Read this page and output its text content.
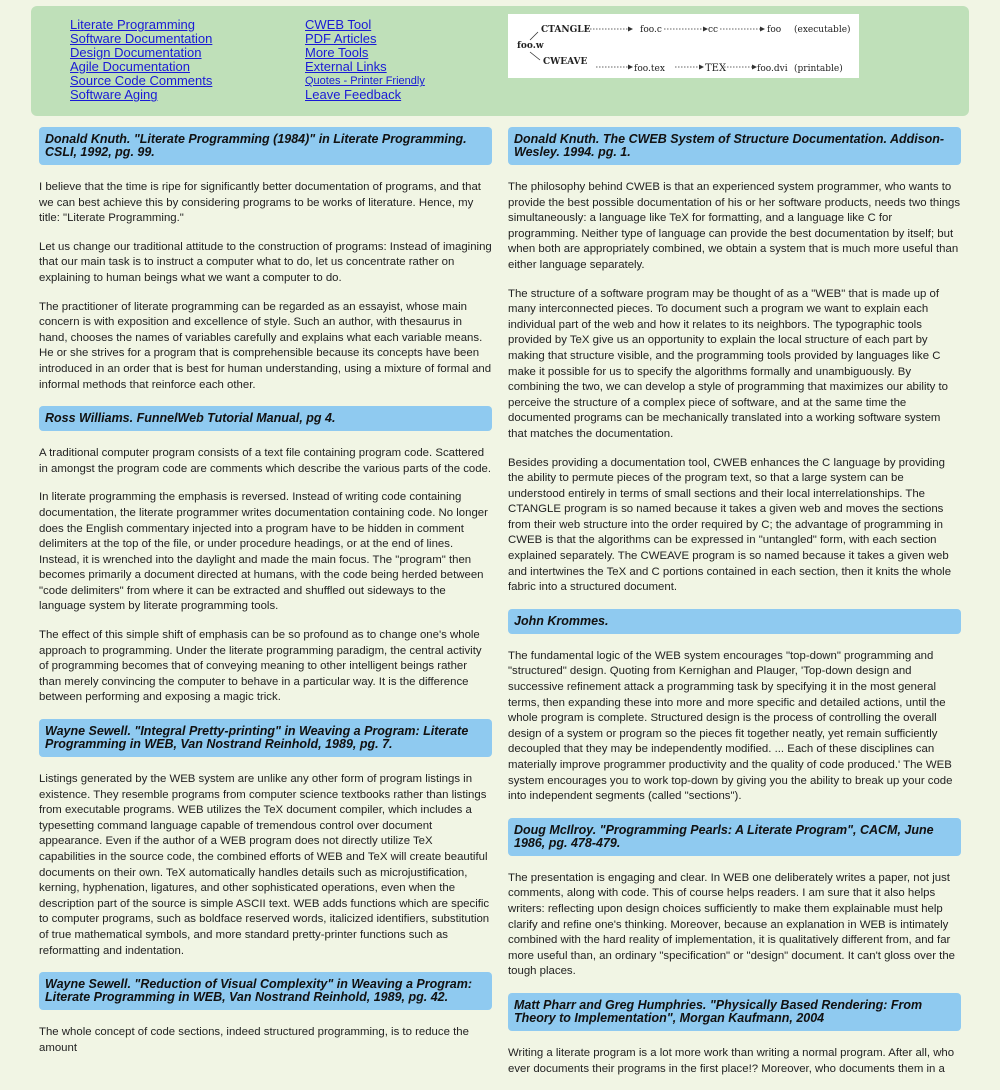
Literate Programming
Software Documentation
Design Documentation
Agile Documentation
Source Code Comments
Software Aging
CWEB Tool
PDF Articles
More Tools
External Links
Quotes - Printer Friendly
Leave Feedback
CTANGLE
foo.w
CWEAVE
foo.c	cc	foo (executable)
foo.tex	TEX	foo.dvi (printable)
Donald Knuth. "Literate Programming (1984)" in Literate Programming. CSLI, 1992, pg. 99.

I believe that the time is ripe for significantly better documentation of programs, and that we can best achieve this by considering programs to be works of literature. Hence, my title: "Literate Programming."

Let us change our traditional attitude to the construction of programs: Instead of imagining that our main task is to instruct a computer what to do, let us concentrate rather on explaining to human beings what we want a computer to do.

The practitioner of literate programming can be regarded as an essayist, whose main concern is with exposition and excellence of style. Such an author, with thesaurus in hand, chooses the names of variables carefully and explains what each variable means. He or she strives for a program that is comprehensible because its concepts have been introduced in an order that is best for human understanding, using a mixture of formal and informal methods that reinforce each other.

Ross Williams. FunnelWeb Tutorial Manual, pg 4.

A traditional computer program consists of a text file containing program code. Scattered in amongst the program code are comments which describe the various parts of the code.

In literate programming the emphasis is reversed. Instead of writing code containing documentation, the literate programmer writes documentation containing code. No longer does the English commentary injected into a program have to be hidden in comment delimiters at the top of the file, or under procedure headings, or at the end of lines. Instead, it is wrenched into the daylight and made the main focus. The "program" then becomes primarily a document directed at humans, with the code being herded between "code delimiters" from where it can be extracted and shuffled out sideways to the language system by literate programming tools.

The effect of this simple shift of emphasis can be so profound as to change one's whole approach to programming. Under the literate programming paradigm, the central activity of programming becomes that of conveying meaning to other intelligent beings rather than merely convincing the computer to behave in a particular way. It is the difference between performing and exposing a magic trick.

Wayne Sewell. "Integral Pretty-printing" in Weaving a Program: Literate Programming in WEB, Van Nostrand Reinhold, 1989, pg. 7.

Listings generated by the WEB system are unlike any other form of program listings in existence. They resemble programs from computer science textbooks rather than listings from executable programs. WEB utilizes the TeX document compiler, which includes a typesetting command language capable of tremendous control over document appearance. Even if the author of a WEB program does not directly utilize TeX capabilities in the source code, the combined efforts of WEB and TeX will create beautiful documents on their own. TeX automatically handles details such as microjustification, kerning, hyphenation, ligatures, and other sophisticated operations, even when the description part of the source is simple ASCII text. WEB adds functions which are specific to computer programs, such as boldface reserved words, italicized identifiers, substitution of true mathematical symbols, and more standard pretty-printer functions such as reformatting and indentation.

Wayne Sewell. "Reduction of Visual Complexity" in Weaving a Program: Literate Programming in WEB, Van Nostrand Reinhold, 1989, pg. 42.

The whole concept of code sections, indeed structured programming, is to reduce the amount

Donald Knuth. The CWEB System of Structure Documentation. Addison-Wesley. 1994. pg. 1.

The philosophy behind CWEB is that an experienced system programmer, who wants to provide the best possible documentation of his or her software products, needs two things simultaneously: a language like TeX for formatting, and a language like C for programming. Neither type of language can provide the best documentation by itself; but when both are appropriately combined, we obtain a system that is much more useful than either language separately.

The structure of a software program may be thought of as a "WEB" that is made up of many interconnected pieces. To document such a program we want to explain each individual part of the web and how it relates to its neighbors. The typographic tools provided by TeX give us an opportunity to explain the local structure of each part by making that structure visible, and the programming tools provided by languages like C make it possible for us to specify the algorithms formally and unambiguously. By combining the two, we can develop a style of programming that maximizes our ability to perceive the structure of a complex piece of software, and at the same time the documented programs can be mechanically translated into a working software system that matches the documentation.

Besides providing a documentation tool, CWEB enhances the C language by providing the ability to permute pieces of the program text, so that a large system can be understood entirely in terms of small sections and their local interrelationships. The CTANGLE program is so named because it takes a given web and moves the sections from their web structure into the order required by C; the advantage of programming in CWEB is that the algorithms can be expressed in "untangled" form, with each section explained separately. The CWEAVE program is so named because it takes a given web and intertwines the TeX and C portions contained in each section, then it knits the whole fabric into a structured document.

John Krommes.

The fundamental logic of the WEB system encourages "top-down" programming and "structured" design. Quoting from Kernighan and Plauger, 'Top-down design and successive refinement attack a programming task by specifying it in the most general terms, then expanding these into more and more specific and detailed actions, until the whole program is complete. Structured design is the process of controlling the overall design of a system or program so the pieces fit together neatly, yet remain sufficiently decoupled that they may be independently modified. ... Each of these disciplines can materially improve programmer productivity and the quality of code produced.' The WEB system encourages you to work top-down by giving you the ability to break up your code into independent segments (called "sections").

Doug McIlroy. "Programming Pearls: A Literate Program", CACM, June 1986, pg. 478-479.

The presentation is engaging and clear. In WEB one deliberately writes a paper, not just comments, along with code. This of course helps readers. I am sure that it also helps writers: reflecting upon design choices sufficiently to make them explainable must help clarify and refine one's thinking. Moreover, because an explanation in WEB is intimately combined with the hard reality of implementation, it is qualitatively different from, and far more useful than, an ordinary "specification" or "design" document. It can't gloss over the tough places.

Matt Pharr and Greg Humphries. "Physically Based Rendering: From Theory to Implementation", Morgan Kaufmann, 2004

Writing a literate program is a lot more work than writing a normal program. After all, who ever documents their programs in the first place!? Moreover, who documents them in a
